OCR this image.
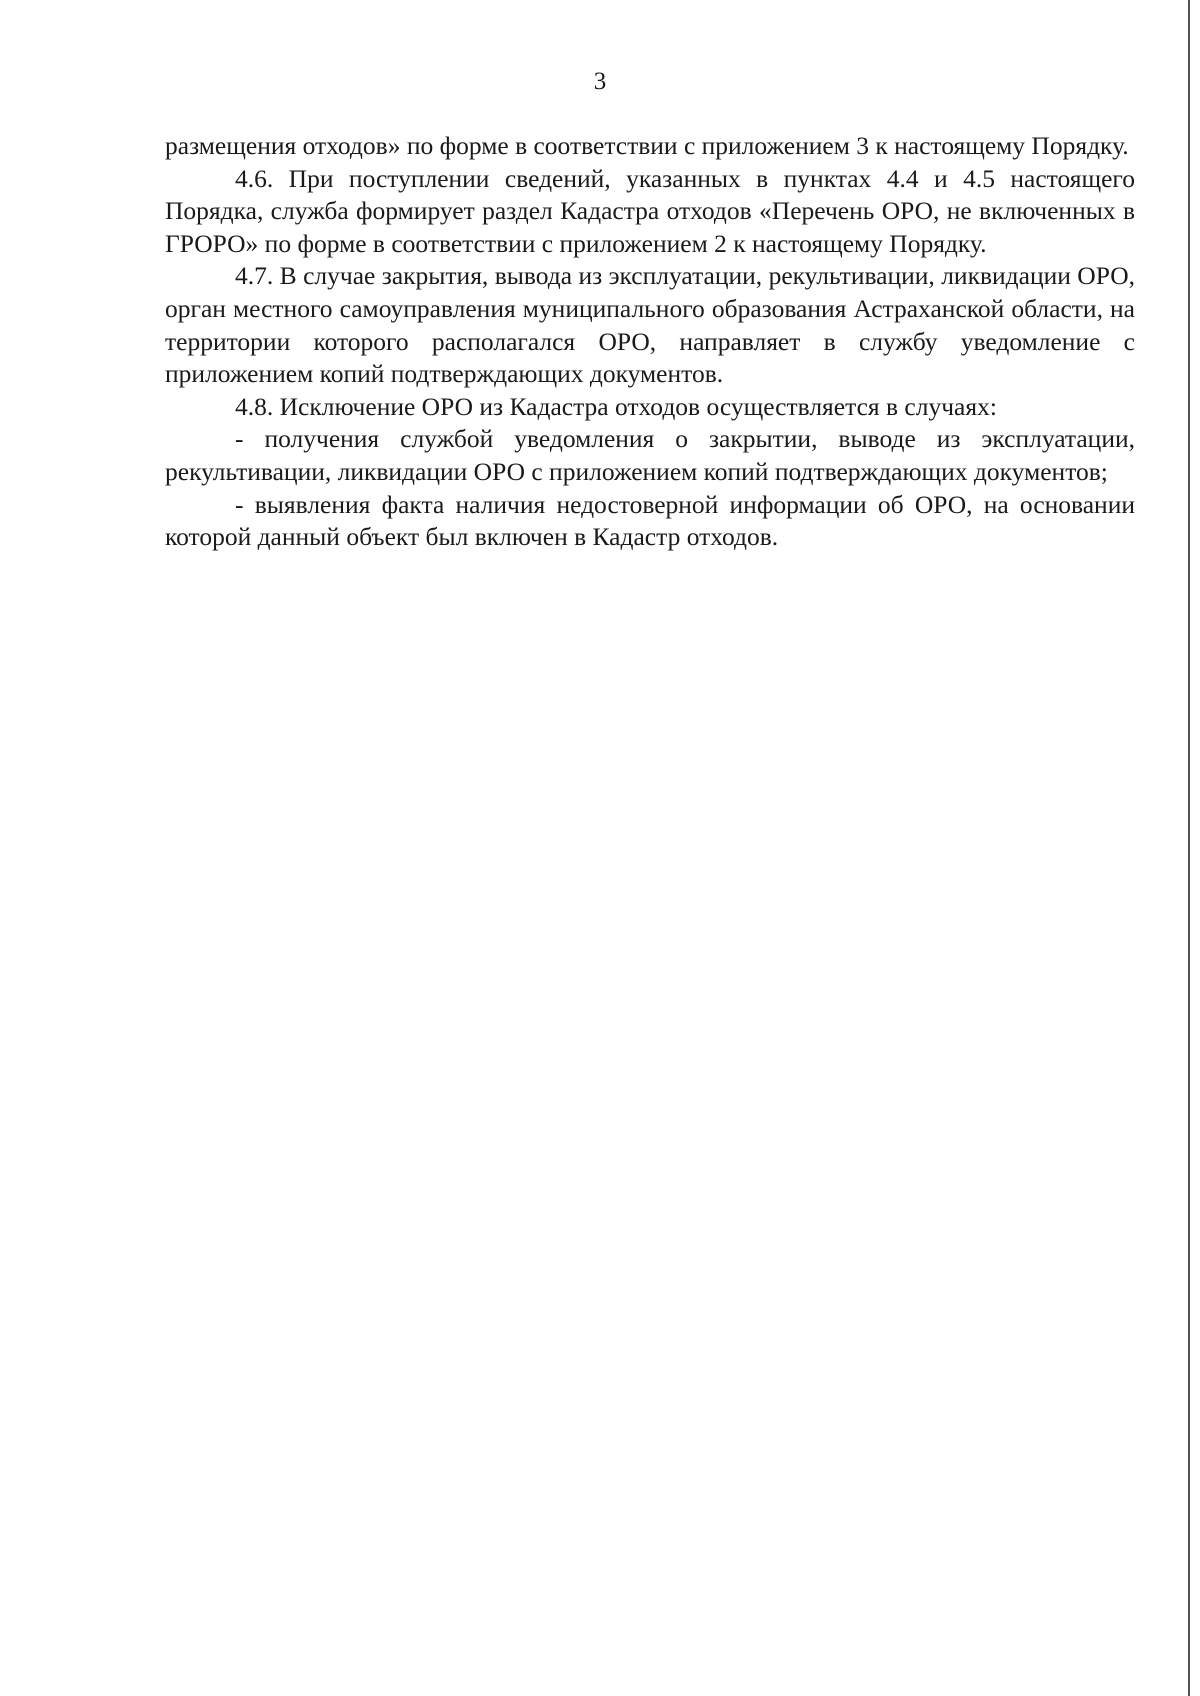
3

размещения отходов» по форме в соответствии с приложением 3 к настоящему Порядку.

4.6. При поступлении сведений, указанных в пунктах 4.4 и 4.5 настоящего Порядка, служба формирует раздел Кадастра отходов «Перечень ОРО, не включенных в ГРОРО» по форме в соответствии с приложением 2 к настоящему Порядку.

4.7. В случае закрытия, вывода из эксплуатации, рекультивации, ликвидации ОРО, орган местного самоуправления муниципального образования Астраханской области, на территории которого располагался ОРО, направляет в службу уведомление с приложением копий подтверждающих документов.

4.8. Исключение ОРО из Кадастра отходов осуществляется в случаях:

- получения службой уведомления о закрытии, выводе из эксплуатации, рекультивации, ликвидации ОРО с приложением копий подтверждающих документов;

- выявления факта наличия недостоверной информации об ОРО, на основании которой данный объект был включен в Кадастр отходов.
